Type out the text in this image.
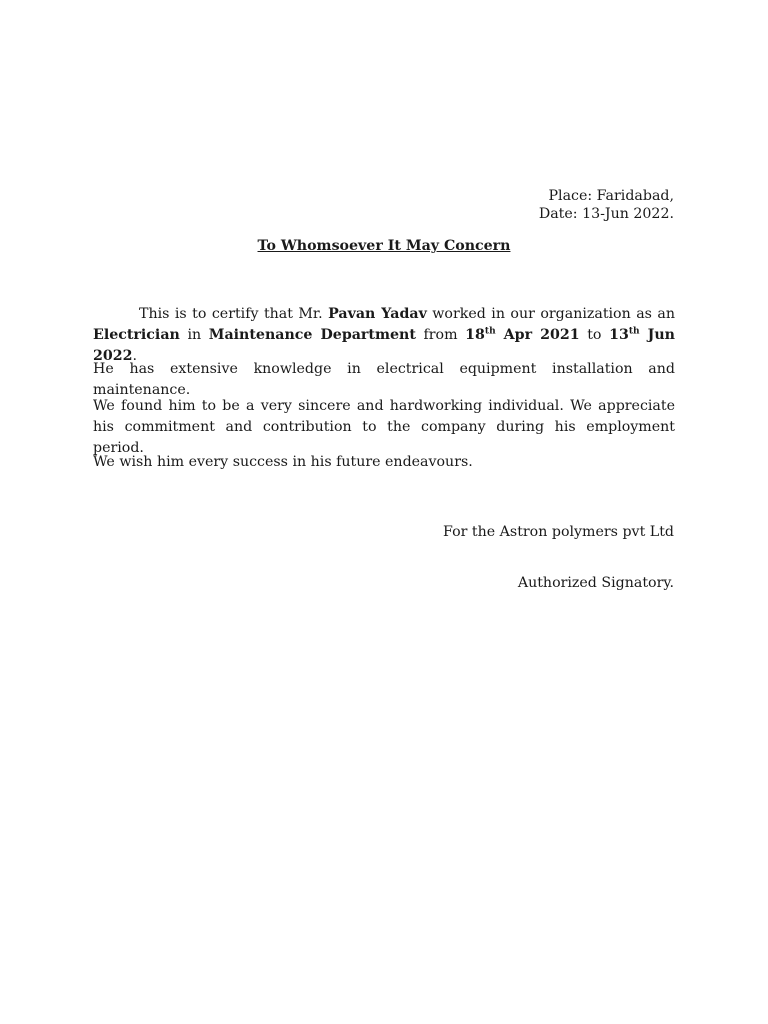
Place: Faridabad,
Date: 13-Jun 2022.
To Whomsoever It May Concern
This is to certify that Mr. Pavan Yadav worked in our organization as an Electrician in Maintenance Department from 18th Apr 2021 to 13th Jun 2022.
He has extensive knowledge in electrical equipment installation and maintenance.
We found him to be a very sincere and hardworking individual. We appreciate his commitment and contribution to the company during his employment period.
We wish him every success in his future endeavours.
For the Astron polymers pvt Ltd
Authorized Signatory.
